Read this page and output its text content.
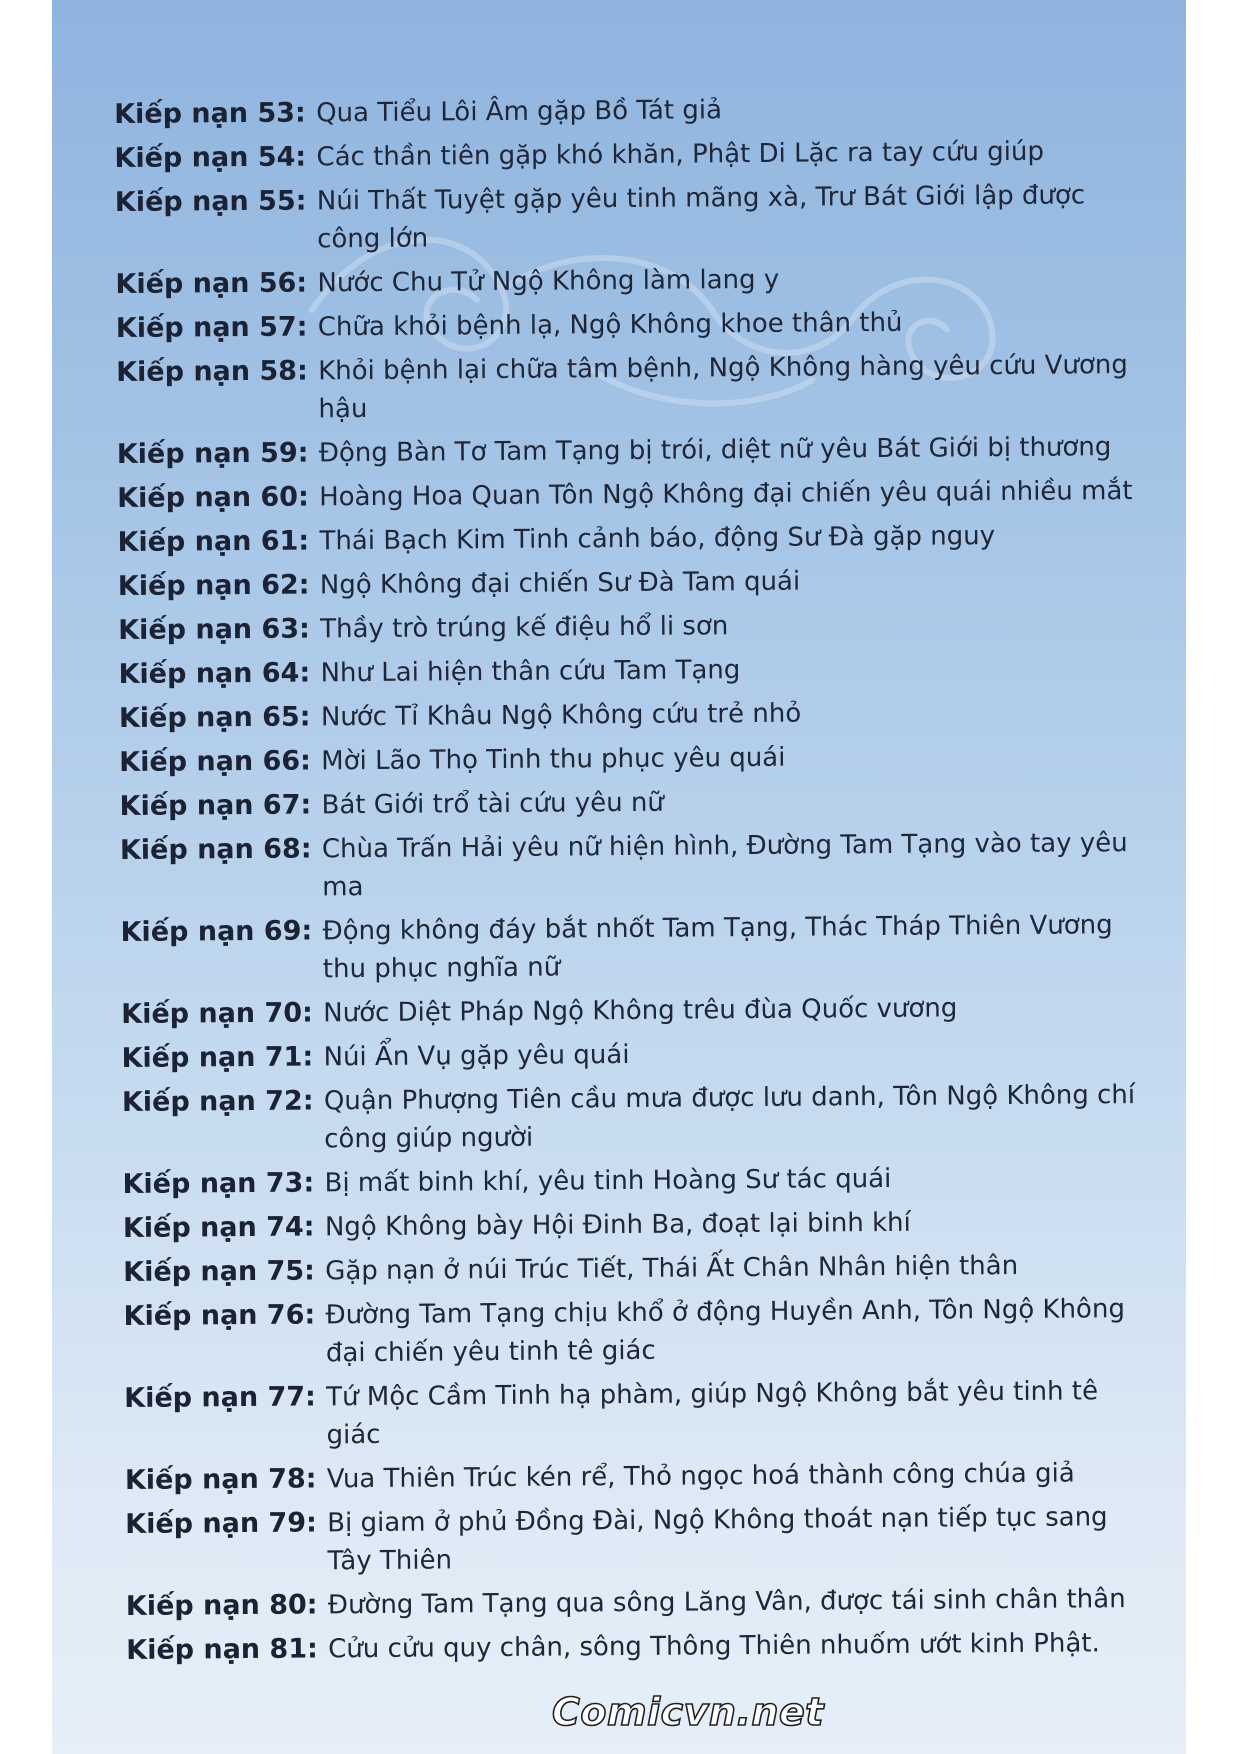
Kiếp nạn 53: Qua Tiểu Lôi Âm gặp Bồ Tát giả
Kiếp nạn 54: Các thần tiên gặp khó khăn, Phật Di Lặc ra tay cứu giúp
Kiếp nạn 55: Núi Thất Tuyệt gặp yêu tinh mãng xà, Trư Bát Giới lập được công lớn
Kiếp nạn 56: Nước Chu Tử Ngộ Không làm lang y
Kiếp nạn 57: Chữa khỏi bệnh lạ, Ngộ Không khoe thân thủ
Kiếp nạn 58: Khỏi bệnh lại chữa tâm bệnh, Ngộ Không hàng yêu cứu Vương hậu
Kiếp nạn 59: Động Bàn Tơ Tam Tạng bị trói, diệt nữ yêu Bát Giới bị thương
Kiếp nạn 60: Hoàng Hoa Quan Tôn Ngộ Không đại chiến yêu quái nhiều mắt
Kiếp nạn 61: Thái Bạch Kim Tinh cảnh báo, động Sư Đà gặp nguy
Kiếp nạn 62: Ngộ Không đại chiến Sư Đà Tam quái
Kiếp nạn 63: Thầy trò trúng kế điệu hổ li sơn
Kiếp nạn 64: Như Lai hiện thân cứu Tam Tạng
Kiếp nạn 65: Nước Tỉ Khâu Ngộ Không cứu trẻ nhỏ
Kiếp nạn 66: Mời Lão Thọ Tinh thu phục yêu quái
Kiếp nạn 67: Bát Giới trổ tài cứu yêu nữ
Kiếp nạn 68: Chùa Trấn Hải yêu nữ hiện hình, Đường Tam Tạng vào tay yêu ma
Kiếp nạn 69: Động không đáy bắt nhốt Tam Tạng, Thác Tháp Thiên Vương thu phục nghĩa nữ
Kiếp nạn 70: Nước Diệt Pháp Ngộ Không trêu đùa Quốc vương
Kiếp nạn 71: Núi Ẩn Vụ gặp yêu quái
Kiếp nạn 72: Quận Phượng Tiên cầu mưa được lưu danh, Tôn Ngộ Không chí công giúp người
Kiếp nạn 73: Bị mất binh khí, yêu tinh Hoàng Sư tác quái
Kiếp nạn 74: Ngộ Không bày Hội Đinh Ba, đoạt lại binh khí
Kiếp nạn 75: Gặp nạn ở núi Trúc Tiết, Thái Ất Chân Nhân hiện thân
Kiếp nạn 76: Đường Tam Tạng chịu khổ ở động Huyền Anh, Tôn Ngộ Không đại chiến yêu tinh tê giác
Kiếp nạn 77: Tứ Mộc Cầm Tinh hạ phàm, giúp Ngộ Không bắt yêu tinh tê giác
Kiếp nạn 78: Vua Thiên Trúc kén rể, Thỏ ngọc hoá thành công chúa giả
Kiếp nạn 79: Bị giam ở phủ Đồng Đài, Ngộ Không thoát nạn tiếp tục sang Tây Thiên
Kiếp nạn 80: Đường Tam Tạng qua sông Lăng Vân, được tái sinh chân thân
Kiếp nạn 81: Cửu cửu quy chân, sông Thông Thiên nhuốm ướt kinh Phật.
Comicvn.net
